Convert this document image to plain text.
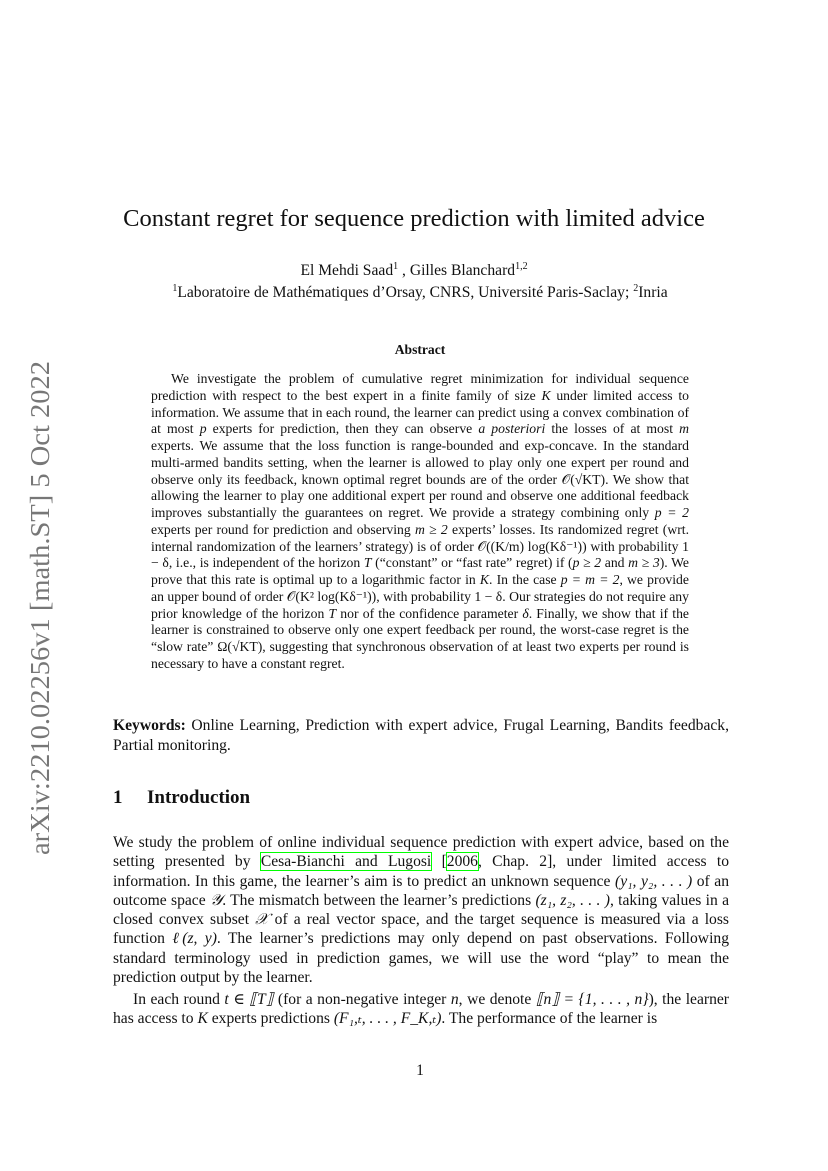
arXiv:2210.02256v1 [math.ST] 5 Oct 2022
Constant regret for sequence prediction with limited advice
El Mehdi Saad$^1$ , Gilles Blanchard$^{1,2}$
$^1$Laboratoire de Mathématiques d’Orsay, CNRS, Université Paris-Saclay; $^2$Inria
Abstract
We investigate the problem of cumulative regret minimization for individual sequence prediction with respect to the best expert in a finite family of size K under limited access to information. We assume that in each round, the learner can predict using a convex combination of at most p experts for prediction, then they can observe a posteriori the losses of at most m experts. We assume that the loss function is range-bounded and exp-concave. In the standard multi-armed bandits setting, when the learner is allowed to play only one expert per round and observe only its feedback, known optimal regret bounds are of the order 𝒪(√KT). We show that allowing the learner to play one additional expert per round and observe one additional feedback improves substantially the guarantees on regret. We provide a strategy combining only p = 2 experts per round for prediction and observing m ≥ 2 experts’ losses. Its randomized regret (wrt. internal randomization of the learners’ strategy) is of order 𝒪((K/m) log(Kδ⁻¹)) with probability 1 − δ, i.e., is independent of the horizon T (“constant” or “fast rate” regret) if (p ≥ 2 and m ≥ 3). We prove that this rate is optimal up to a logarithmic factor in K. In the case p = m = 2, we provide an upper bound of order 𝒪(K² log(Kδ⁻¹)), with probability 1 − δ. Our strategies do not require any prior knowledge of the horizon T nor of the confidence parameter δ. Finally, we show that if the learner is constrained to observe only one expert feedback per round, the worst-case regret is the “slow rate” Ω(√KT), suggesting that synchronous observation of at least two experts per round is necessary to have a constant regret.
Keywords: Online Learning, Prediction with expert advice, Frugal Learning, Bandits feedback, Partial monitoring.
1 Introduction
We study the problem of online individual sequence prediction with expert advice, based on the setting presented by Cesa-Bianchi and Lugosi [2006, Chap. 2], under limited access to information. In this game, the learner’s aim is to predict an unknown sequence (y₁, y₂, . . . ) of an outcome space 𝒴. The mismatch between the learner’s predictions (z₁, z₂, . . . ), taking values in a closed convex subset 𝒳 of a real vector space, and the target sequence is measured via a loss function ℓ(z, y). The learner’s predictions may only depend on past observations. Following standard terminology used in prediction games, we will use the word “play” to mean the prediction output by the learner.
In each round t ∈ ⟦T⟧ (for a non-negative integer n, we denote ⟦n⟧ = {1, . . . , n}), the learner has access to K experts predictions (F₁,ₜ, . . . , F_K,ₜ). The performance of the learner is
1
